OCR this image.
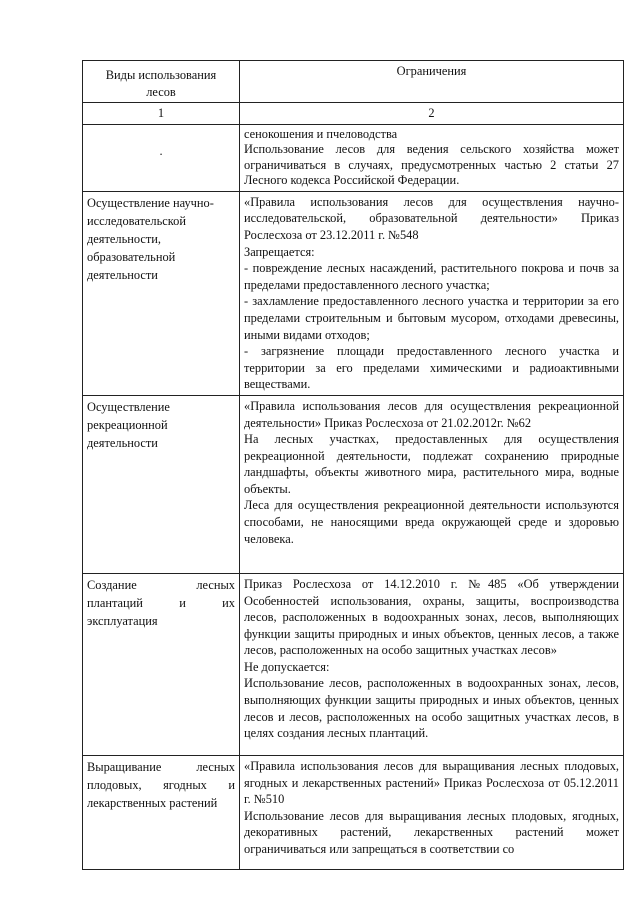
Виды использования
лесов	Ограничения
1	2

.	сенокошения и пчеловодства

Использование лесов для ведения сельского хозяйства может ограничиваться в случаях, предусмотренных частью 2 статьи 27 Лесного кодекса Российской Федерации.

Осуществление научно-исследовательской деятельности, образовательной деятельности	«Правила использования лесов для осуществления научно-исследовательской, образовательной деятельности» Приказ Рослесхоза от 23.12.2011 г. №548

Запрещается:

- повреждение лесных насаждений, растительного покрова и почв за пределами предоставленного лесного участка;

- захламление предоставленного лесного участка и территории за его пределами строительным и бытовым мусором, отходами древесины, иными видами отходов;

- загрязнение площади предоставленного лесного участка и территории за его пределами химическими и радиоактивными веществами.

Осуществление рекреационной деятельности	«Правила использования лесов для осуществления рекреационной деятельности» Приказ Рослесхоза от 21.02.2012г. №62

На лесных участках, предоставленных для осуществления рекреационной деятельности, подлежат сохранению природные ландшафты, объекты животного мира, растительного мира, водные объекты.

Леса для осуществления рекреационной деятельности используются способами, не наносящими вреда окружающей среде и здоровью человека.

Создание лесных плантаций и их эксплуатация	Приказ Рослесхоза от 14.12.2010 г. №485 «Об утверждении Особенностей использования, охраны, защиты, воспроизводства лесов, расположенных в водоохранных зонах, лесов, выполняющих функции защиты природных и иных объектов, ценных лесов, а также лесов, расположенных на особо защитных участках лесов»

Не допускается:

Использование лесов, расположенных в водоохранных зонах, лесов, выполняющих функции защиты природных и иных объектов, ценных лесов и лесов, расположенных на особо защитных участках лесов, в целях создания лесных плантаций.

Выращивание лесных плодовых, ягодных и лекарственных растений	«Правила использования лесов для выращивания лесных плодовых, ягодных и лекарственных растений» Приказ Рослесхоза от 05.12.2011 г. №510

Использование лесов для выращивания лесных плодовых, ягодных, декоративных растений, лекарственных растений может ограничиваться или запрещаться в соответствии со
